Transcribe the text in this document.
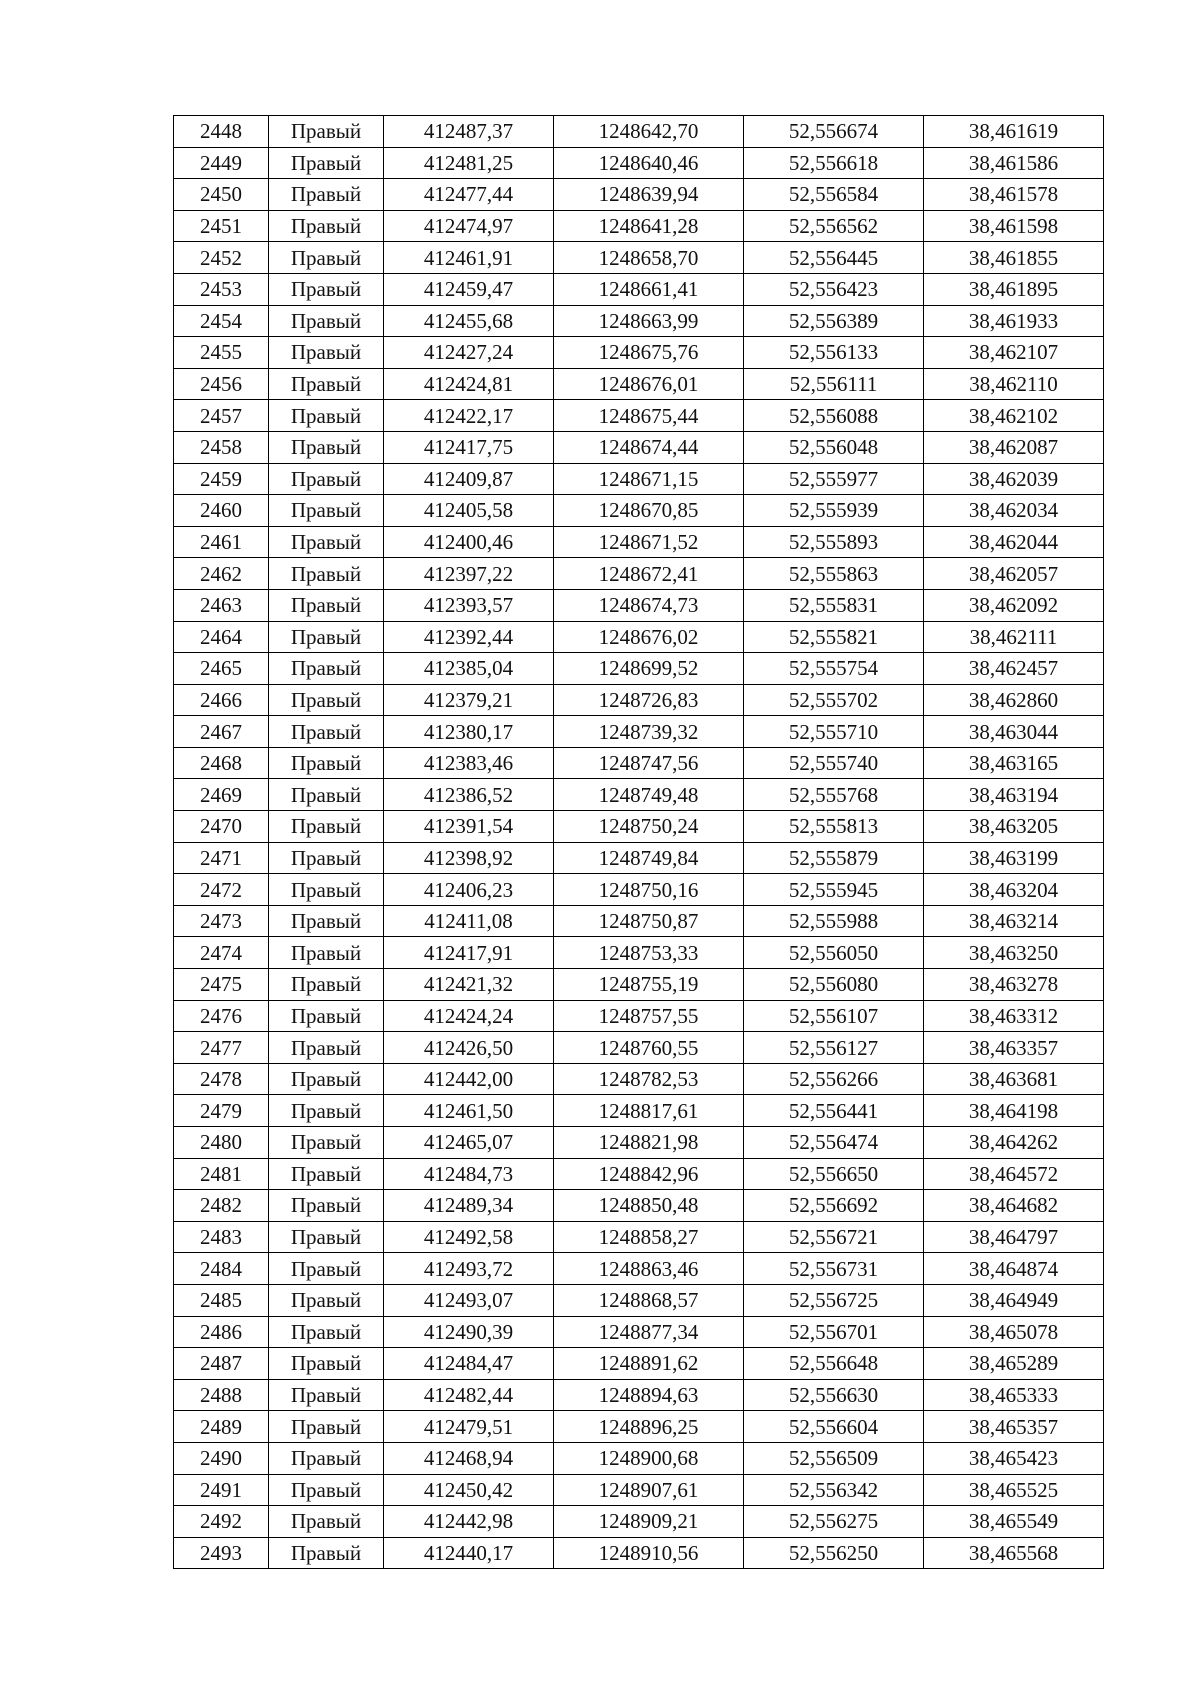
2448	Правый	412487,37	1248642,70	52,556674	38,461619
2449	Правый	412481,25	1248640,46	52,556618	38,461586
2450	Правый	412477,44	1248639,94	52,556584	38,461578
2451	Правый	412474,97	1248641,28	52,556562	38,461598
2452	Правый	412461,91	1248658,70	52,556445	38,461855
2453	Правый	412459,47	1248661,41	52,556423	38,461895
2454	Правый	412455,68	1248663,99	52,556389	38,461933
2455	Правый	412427,24	1248675,76	52,556133	38,462107
2456	Правый	412424,81	1248676,01	52,556111	38,462110
2457	Правый	412422,17	1248675,44	52,556088	38,462102
2458	Правый	412417,75	1248674,44	52,556048	38,462087
2459	Правый	412409,87	1248671,15	52,555977	38,462039
2460	Правый	412405,58	1248670,85	52,555939	38,462034
2461	Правый	412400,46	1248671,52	52,555893	38,462044
2462	Правый	412397,22	1248672,41	52,555863	38,462057
2463	Правый	412393,57	1248674,73	52,555831	38,462092
2464	Правый	412392,44	1248676,02	52,555821	38,462111
2465	Правый	412385,04	1248699,52	52,555754	38,462457
2466	Правый	412379,21	1248726,83	52,555702	38,462860
2467	Правый	412380,17	1248739,32	52,555710	38,463044
2468	Правый	412383,46	1248747,56	52,555740	38,463165
2469	Правый	412386,52	1248749,48	52,555768	38,463194
2470	Правый	412391,54	1248750,24	52,555813	38,463205
2471	Правый	412398,92	1248749,84	52,555879	38,463199
2472	Правый	412406,23	1248750,16	52,555945	38,463204
2473	Правый	412411,08	1248750,87	52,555988	38,463214
2474	Правый	412417,91	1248753,33	52,556050	38,463250
2475	Правый	412421,32	1248755,19	52,556080	38,463278
2476	Правый	412424,24	1248757,55	52,556107	38,463312
2477	Правый	412426,50	1248760,55	52,556127	38,463357
2478	Правый	412442,00	1248782,53	52,556266	38,463681
2479	Правый	412461,50	1248817,61	52,556441	38,464198
2480	Правый	412465,07	1248821,98	52,556474	38,464262
2481	Правый	412484,73	1248842,96	52,556650	38,464572
2482	Правый	412489,34	1248850,48	52,556692	38,464682
2483	Правый	412492,58	1248858,27	52,556721	38,464797
2484	Правый	412493,72	1248863,46	52,556731	38,464874
2485	Правый	412493,07	1248868,57	52,556725	38,464949
2486	Правый	412490,39	1248877,34	52,556701	38,465078
2487	Правый	412484,47	1248891,62	52,556648	38,465289
2488	Правый	412482,44	1248894,63	52,556630	38,465333
2489	Правый	412479,51	1248896,25	52,556604	38,465357
2490	Правый	412468,94	1248900,68	52,556509	38,465423
2491	Правый	412450,42	1248907,61	52,556342	38,465525
2492	Правый	412442,98	1248909,21	52,556275	38,465549
2493	Правый	412440,17	1248910,56	52,556250	38,465568
